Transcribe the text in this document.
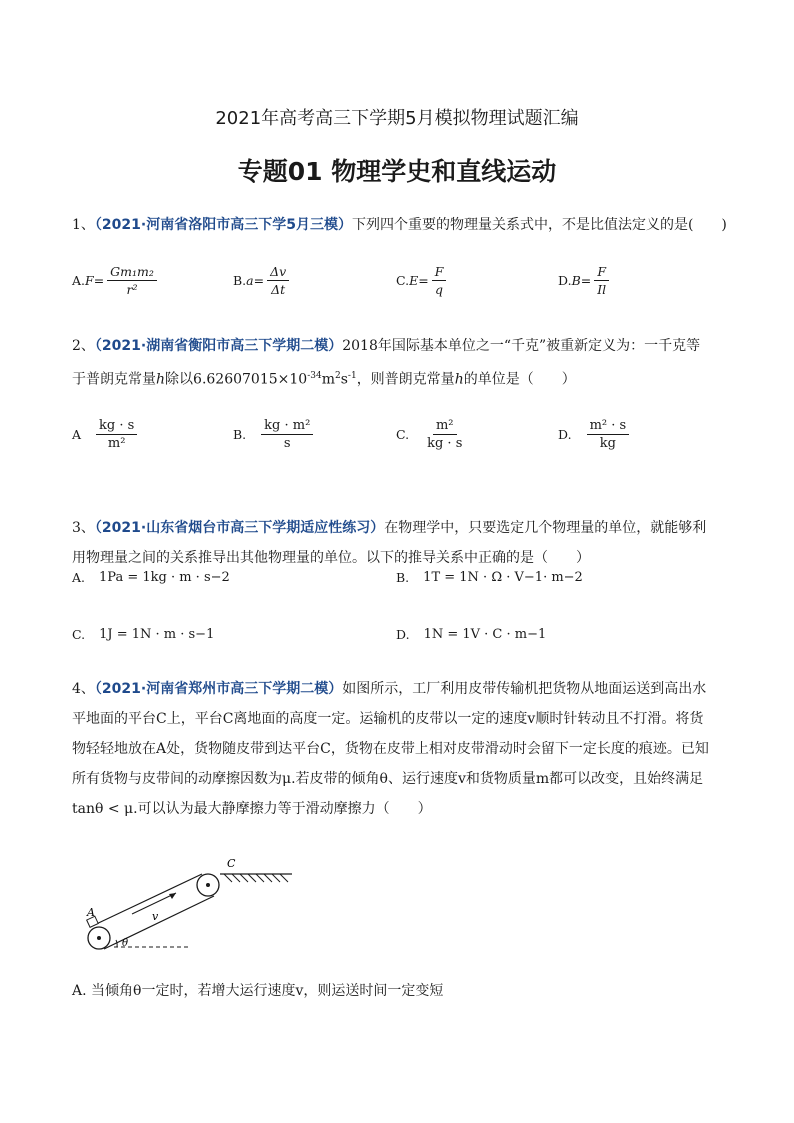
2021年高考高三下学期5月模拟物理试题汇编
专题01 物理学史和直线运动
1、（2021·河南省洛阳市高三下学5月三模）下列四个重要的物理量关系式中，不是比值法定义的是(　　)
A. $F= \frac{\text{Gm₁m₂}}{\text{r²}}$	B. $a= \frac{\Delta v}{\Delta t}$	C. $E= \frac{F}{q}$	D. $B= \frac{F}{Il}$
2、（2021·湖南省衡阳市高三下学期二模）2018年国际基本单位之一“千克”被重新定义为：一千克等
于普朗克常量h除以$6.62607015\times 10^{-34}m^2s^{-1}$，则普朗克常量h的单位是（　　）
A $\frac{kg \cdot s}{\text{m²}}$	B. $\frac{\text{kg · m²}}{s}$	C. $\frac{\text{m²}}{kg \cdot s}$	D. $\frac{\text{m² · s}}{kg}$
3、（2021·山东省烟台市高三下学期适应性练习）在物理学中，只要选定几个物理量的单位，就能够利
用物理量之间的关系推导出其他物理量的单位。以下的推导关系中正确的是（　　）
A. 1Pa = 1kg · m · s −2	B. 1T = 1N · Ω · V −1 · m −2
C. 1J = 1N · m · s −1	D. 1N = 1V · C · m −1
4、（2021·河南省郑州市高三下学期二模）如图所示，工厂利用皮带传输机把货物从地面运送到高出水
平地面的平台C上，平台C离地面的高度一定。运输机的皮带以一定的速度v顺时针转动且不打滑。将货
物轻轻地放在A处，货物随皮带到达平台C，货物在皮带上相对皮带滑动时会留下一定长度的痕迹。已知
所有货物与皮带间的动摩擦因数为μ.若皮带的倾角θ、运行速度v和货物质量m都可以改变，且始终满足
tanθ < μ.可以认为最大静摩擦力等于滑动摩擦力（　　）
A
C
v
θ
A. 当倾角θ一定时，若增大运行速度v，则运送时间一定变短
